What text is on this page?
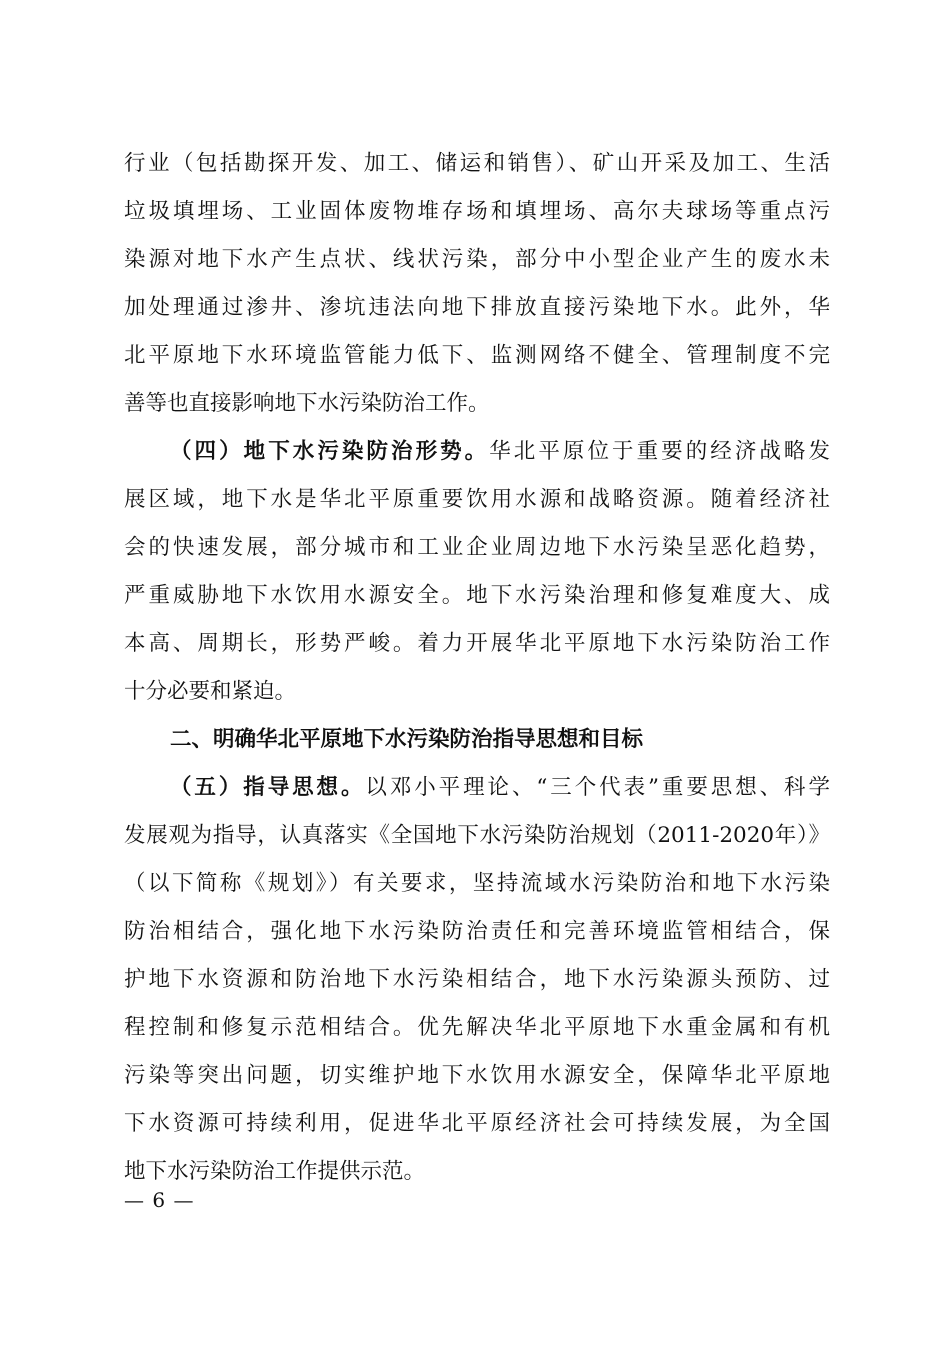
行业（包括勘探开发、加工、储运和销售）、矿山开采及加工、生活
垃圾填埋场、工业固体废物堆存场和填埋场、高尔夫球场等重点污
染源对地下水产生点状、线状污染，部分中小型企业产生的废水未
加处理通过渗井、渗坑违法向地下排放直接污染地下水。此外，华
北平原地下水环境监管能力低下、监测网络不健全、管理制度不完
善等也直接影响地下水污染防治工作。
（四）地下水污染防治形势。华北平原位于重要的经济战略发
展区域，地下水是华北平原重要饮用水源和战略资源。随着经济社
会的快速发展，部分城市和工业企业周边地下水污染呈恶化趋势，
严重威胁地下水饮用水源安全。地下水污染治理和修复难度大、成
本高、周期长，形势严峻。着力开展华北平原地下水污染防治工作
十分必要和紧迫。
二、明确华北平原地下水污染防治指导思想和目标
（五）指导思想。以邓小平理论、“三个代表”重要思想、科学
发展观为指导，认真落实《全国地下水污染防治规划（2011-2020年）》
（以下简称《规划》）有关要求，坚持流域水污染防治和地下水污染
防治相结合，强化地下水污染防治责任和完善环境监管相结合，保
护地下水资源和防治地下水污染相结合，地下水污染源头预防、过
程控制和修复示范相结合。优先解决华北平原地下水重金属和有机
污染等突出问题，切实维护地下水饮用水源安全，保障华北平原地
下水资源可持续利用，促进华北平原经济社会可持续发展，为全国
地下水污染防治工作提供示范。
— 6 —
